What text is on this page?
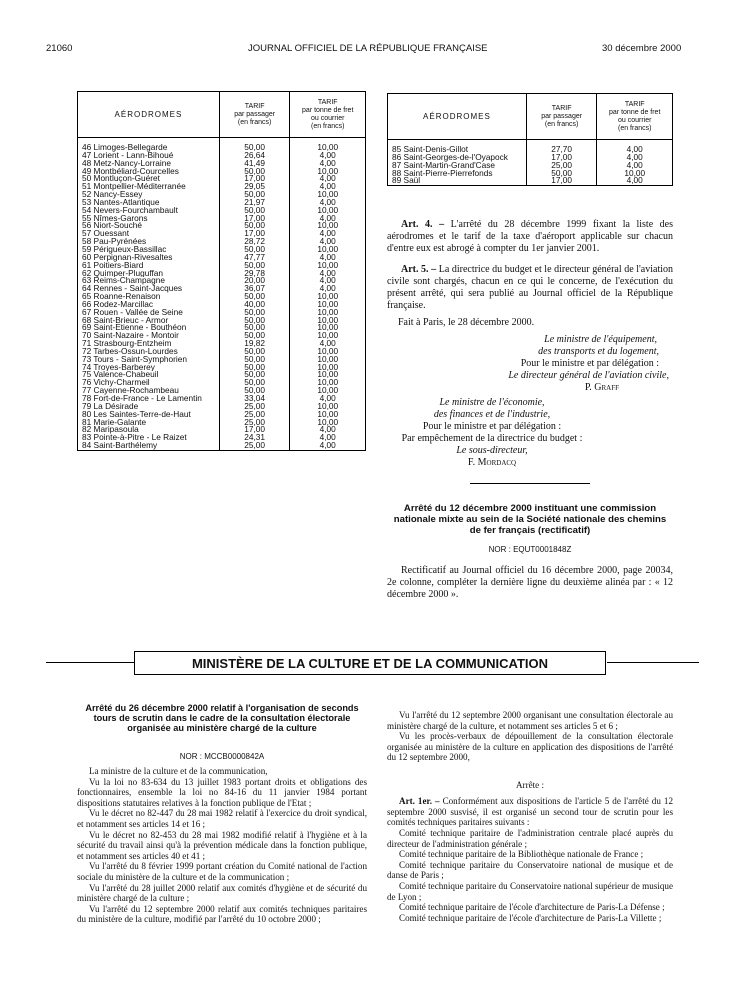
21060	JOURNAL OFFICIEL DE LA RÉPUBLIQUE FRANÇAISE	30 décembre 2000
AÉRODROMES	TARIF
par passager
(en francs)	TARIF
par tonne de fret
ou courrier
(en francs)

46 Limoges-Bellegarde	50,00	10,00
47 Lorient - Lann-Bihoué	26,64	4,00
48 Metz-Nancy-Lorraine	41,49	4,00
49 Montbéliard-Courcelles	50,00	10,00
50 Montluçon-Guéret	17,00	4,00
51 Montpellier-Méditerranée	29,05	4,00
52 Nancy-Essey	50,00	10,00
53 Nantes-Atlantique	21,97	4,00
54 Nevers-Fourchambault	50,00	10,00
55 Nîmes-Garons	17,00	4,00
56 Niort-Souché	50,00	10,00
57 Ouessant	17,00	4,00
58 Pau-Pyrénées	28,72	4,00
59 Périgueux-Bassillac	50,00	10,00
60 Perpignan-Rivesaltes	47,77	4,00
61 Poitiers-Biard	50,00	10,00
62 Quimper-Pluguffan	29,78	4,00
63 Reims-Champagne	20,00	4,00
64 Rennes - Saint-Jacques	36,07	4,00
65 Roanne-Renaison	50,00	10,00
66 Rodez-Marcillac	40,00	10,00
67 Rouen - Vallée de Seine	50,00	10,00
68 Saint-Brieuc - Armor	50,00	10,00
69 Saint-Etienne - Bouthéon	50,00	10,00
70 Saint-Nazaire - Montoir	50,00	10,00
71 Strasbourg-Entzheim	19,82	4,00
72 Tarbes-Ossun-Lourdes	50,00	10,00
73 Tours - Saint-Symphorien	50,00	10,00
74 Troyes-Barberey	50,00	10,00
75 Valence-Chabeuil	50,00	10,00
76 Vichy-Charmeil	50,00	10,00
77 Cayenne-Rochambeau	50,00	10,00
78 Fort-de-France - Le Lamentin	33,04	4,00
79 La Désirade	25,00	10,00
80 Les Saintes-Terre-de-Haut	25,00	10,00
81 Marie-Galante	25,00	10,00
82 Maripasoula	17,00	4,00
83 Pointe-à-Pitre - Le Raizet	24,31	4,00
84 Saint-Barthélemy	25,00	4,00
AÉRODROMES	TARIF
par passager
(en francs)	TARIF
par tonne de fret
ou courrier
(en francs)

85 Saint-Denis-Gillot	27,70	4,00
86 Saint-Georges-de-l'Oyapock	17,00	4,00
87 Saint-Martin-Grand'Case	25,00	4,00
88 Saint-Pierre-Pierrefonds	50,00	10,00
89 Saül	17,00	4,00

Art. 4. – L'arrêté du 28 décembre 1999 fixant la liste des aérodromes et le tarif de la taxe d'aéroport applicable sur chacun d'entre eux est abrogé à compter du 1er janvier 2001.

Art. 5. – La directrice du budget et le directeur général de l'aviation civile sont chargés, chacun en ce qui le concerne, de l'exécution du présent arrêté, qui sera publié au Journal officiel de la République française.

Fait à Paris, le 28 décembre 2000.
Le ministre de l'équipement,
des transports et du logement,
Pour le ministre et par délégation :
Le directeur général de l'aviation civile,
P. Graff
Le ministre de l'économie,
des finances et de l'industrie,
Pour le ministre et par délégation :
Par empêchement de la directrice du budget :
Le sous-directeur,
F. Mordacq
Arrêté du 12 décembre 2000 instituant une commission nationale mixte au sein de la Société nationale des chemins de fer français (rectificatif)
NOR : EQUT0001848Z

Rectificatif au Journal officiel du 16 décembre 2000, page 20034, 2e colonne, compléter la dernière ligne du deuxième alinéa par : « 12 décembre 2000 ».

MINISTÈRE DE LA CULTURE ET DE LA COMMUNICATION
Arrêté du 26 décembre 2000 relatif à l'organisation de seconds tours de scrutin dans le cadre de la consultation électorale organisée au ministère chargé de la culture
NOR : MCCB0000842A

La ministre de la culture et de la communication,

Vu la loi no 83-634 du 13 juillet 1983 portant droits et obligations des fonctionnaires, ensemble la loi no 84-16 du 11 janvier 1984 portant dispositions statutaires relatives à la fonction publique de l'Etat ;

Vu le décret no 82-447 du 28 mai 1982 relatif à l'exercice du droit syndical, et notamment ses articles 14 et 16 ;

Vu le décret no 82-453 du 28 mai 1982 modifié relatif à l'hygiène et à la sécurité du travail ainsi qu'à la prévention médicale dans la fonction publique, et notamment ses articles 40 et 41 ;

Vu l'arrêté du 8 février 1999 portant création du Comité national de l'action sociale du ministère de la culture et de la communication ;

Vu l'arrêté du 28 juillet 2000 relatif aux comités d'hygiène et de sécurité du ministère chargé de la culture ;

Vu l'arrêté du 12 septembre 2000 relatif aux comités techniques paritaires du ministère de la culture, modifié par l'arrêté du 10 octobre 2000 ;

Vu l'arrêté du 12 septembre 2000 organisant une consultation électorale au ministère chargé de la culture, et notamment ses articles 5 et 6 ;

Vu les procès-verbaux de dépouillement de la consultation électorale organisée au ministère de la culture en application des dispositions de l'arrêté du 12 septembre 2000,

Arrête :

Art. 1er. – Conformément aux dispositions de l'article 5 de l'arrêté du 12 septembre 2000 susvisé, il est organisé un second tour de scrutin pour les comités techniques paritaires suivants :

Comité technique paritaire de l'administration centrale placé auprès du directeur de l'administration générale ;

Comité technique paritaire de la Bibliothèque nationale de France ;

Comité technique paritaire du Conservatoire national de musique et de danse de Paris ;

Comité technique paritaire du Conservatoire national supérieur de musique de Lyon ;

Comité technique paritaire de l'école d'architecture de Paris-La Défense ;

Comité technique paritaire de l'école d'architecture de Paris-La Villette ;
